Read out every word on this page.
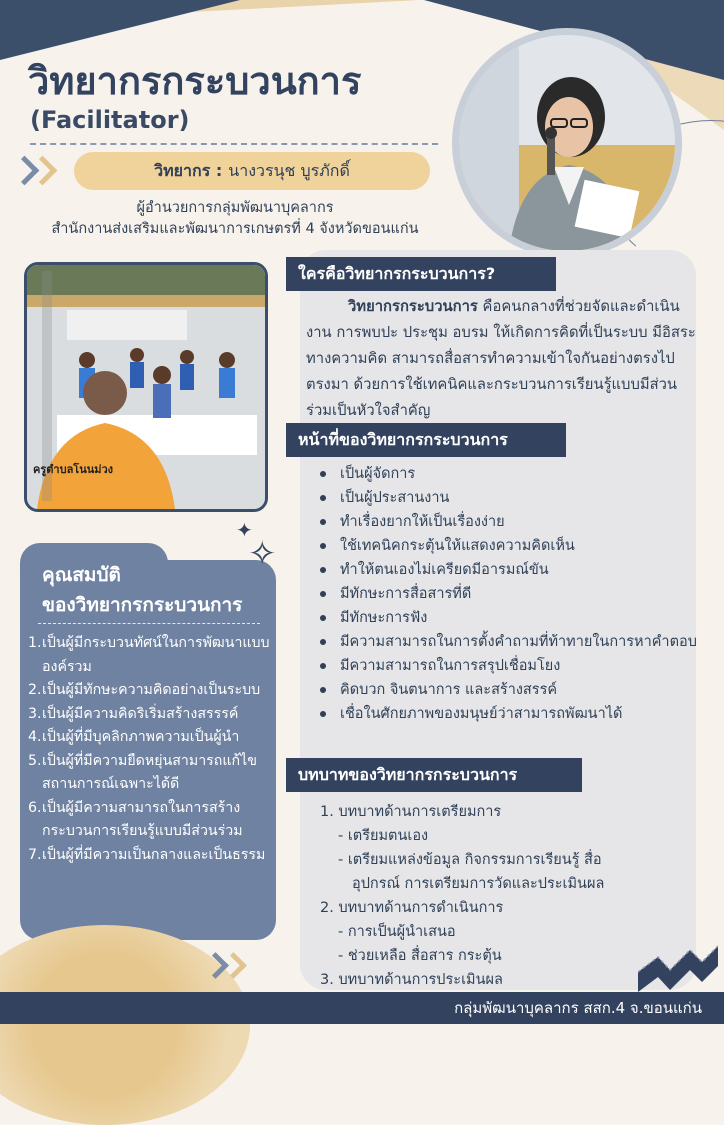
วิทยากรกระบวนการ
(Facilitator)
วิทยากร : นางวรนุช บูรภักดิ์
ผู้อำนวยการกลุ่มพัฒนาบุคลากร
สำนักงานส่งเสริมและพัฒนาการเกษตรที่ 4 จังหวัดขอนแก่น
ครูตำบลโนนม่วง
ใครคือวิทยากรกระบวนการ?
วิทยากรกระบวนการ คือคนกลางที่ช่วยจัดและดำเนินงาน การพบปะ ประชุม อบรม ให้เกิดการคิดที่เป็นระบบ มีอิสระทางความคิด สามารถสื่อสารทำความเข้าใจกันอย่างตรงไปตรงมา ด้วยการใช้เทคนิคและกระบวนการเรียนรู้แบบมีส่วนร่วมเป็นหัวใจสำคัญ
หน้าที่ของวิทยากรกระบวนการ
เป็นผู้จัดการ
เป็นผู้ประสานงาน
ทำเรื่องยากให้เป็นเรื่องง่าย
ใช้เทคนิคกระตุ้นให้แสดงความคิดเห็น
ทำให้ตนเองไม่เครียดมีอารมณ์ขัน
มีทักษะการสื่อสารที่ดี
มีทักษะการฟัง
มีความสามารถในการตั้งคำถามที่ท้าทายในการหาคำตอบ
มีความสามารถในการสรุปเชื่อมโยง
คิดบวก จินตนาการ และสร้างสรรค์
เชื่อในศักยภาพของมนุษย์ว่าสามารถพัฒนาได้
บทบาทของวิทยากรกระบวนการ
1. บทบาทด้านการเตรียมการ
- เตรียมตนเอง
- เตรียมแหล่งข้อมูล กิจกรรมการเรียนรู้ สื่อ
อุปกรณ์ การเตรียมการวัดและประเมินผล
2. บทบาทด้านการดำเนินการ
- การเป็นผู้นำเสนอ
- ช่วยเหลือ สื่อสาร กระตุ้น
3. บทบาทด้านการประเมินผล
คุณสมบัติ
ของวิทยากรกระบวนการ
1. เป็นผู้มีกระบวนทัศน์ในการพัฒนาแบบองค์รวม
2. เป็นผู้มีทักษะความคิดอย่างเป็นระบบ
3. เป็นผู้มีความคิดริเริ่มสร้างสรรรค์
4. เป็นผู้ที่มีบุคลิกภาพความเป็นผู้นำ
5. เป็นผู้ที่มีความยืดหยุ่นสามารถแก้ไขสถานการณ์เฉพาะได้ดี
6. เป็นผู้มีความสามารถในการสร้างกระบวนการเรียนรู้แบบมีส่วนร่วม
7. เป็นผู้ที่มีความเป็นกลางและเป็นธรรม
✦
✧
กลุ่มพัฒนาบุคลากร สสก.4 จ.ขอนแก่น
